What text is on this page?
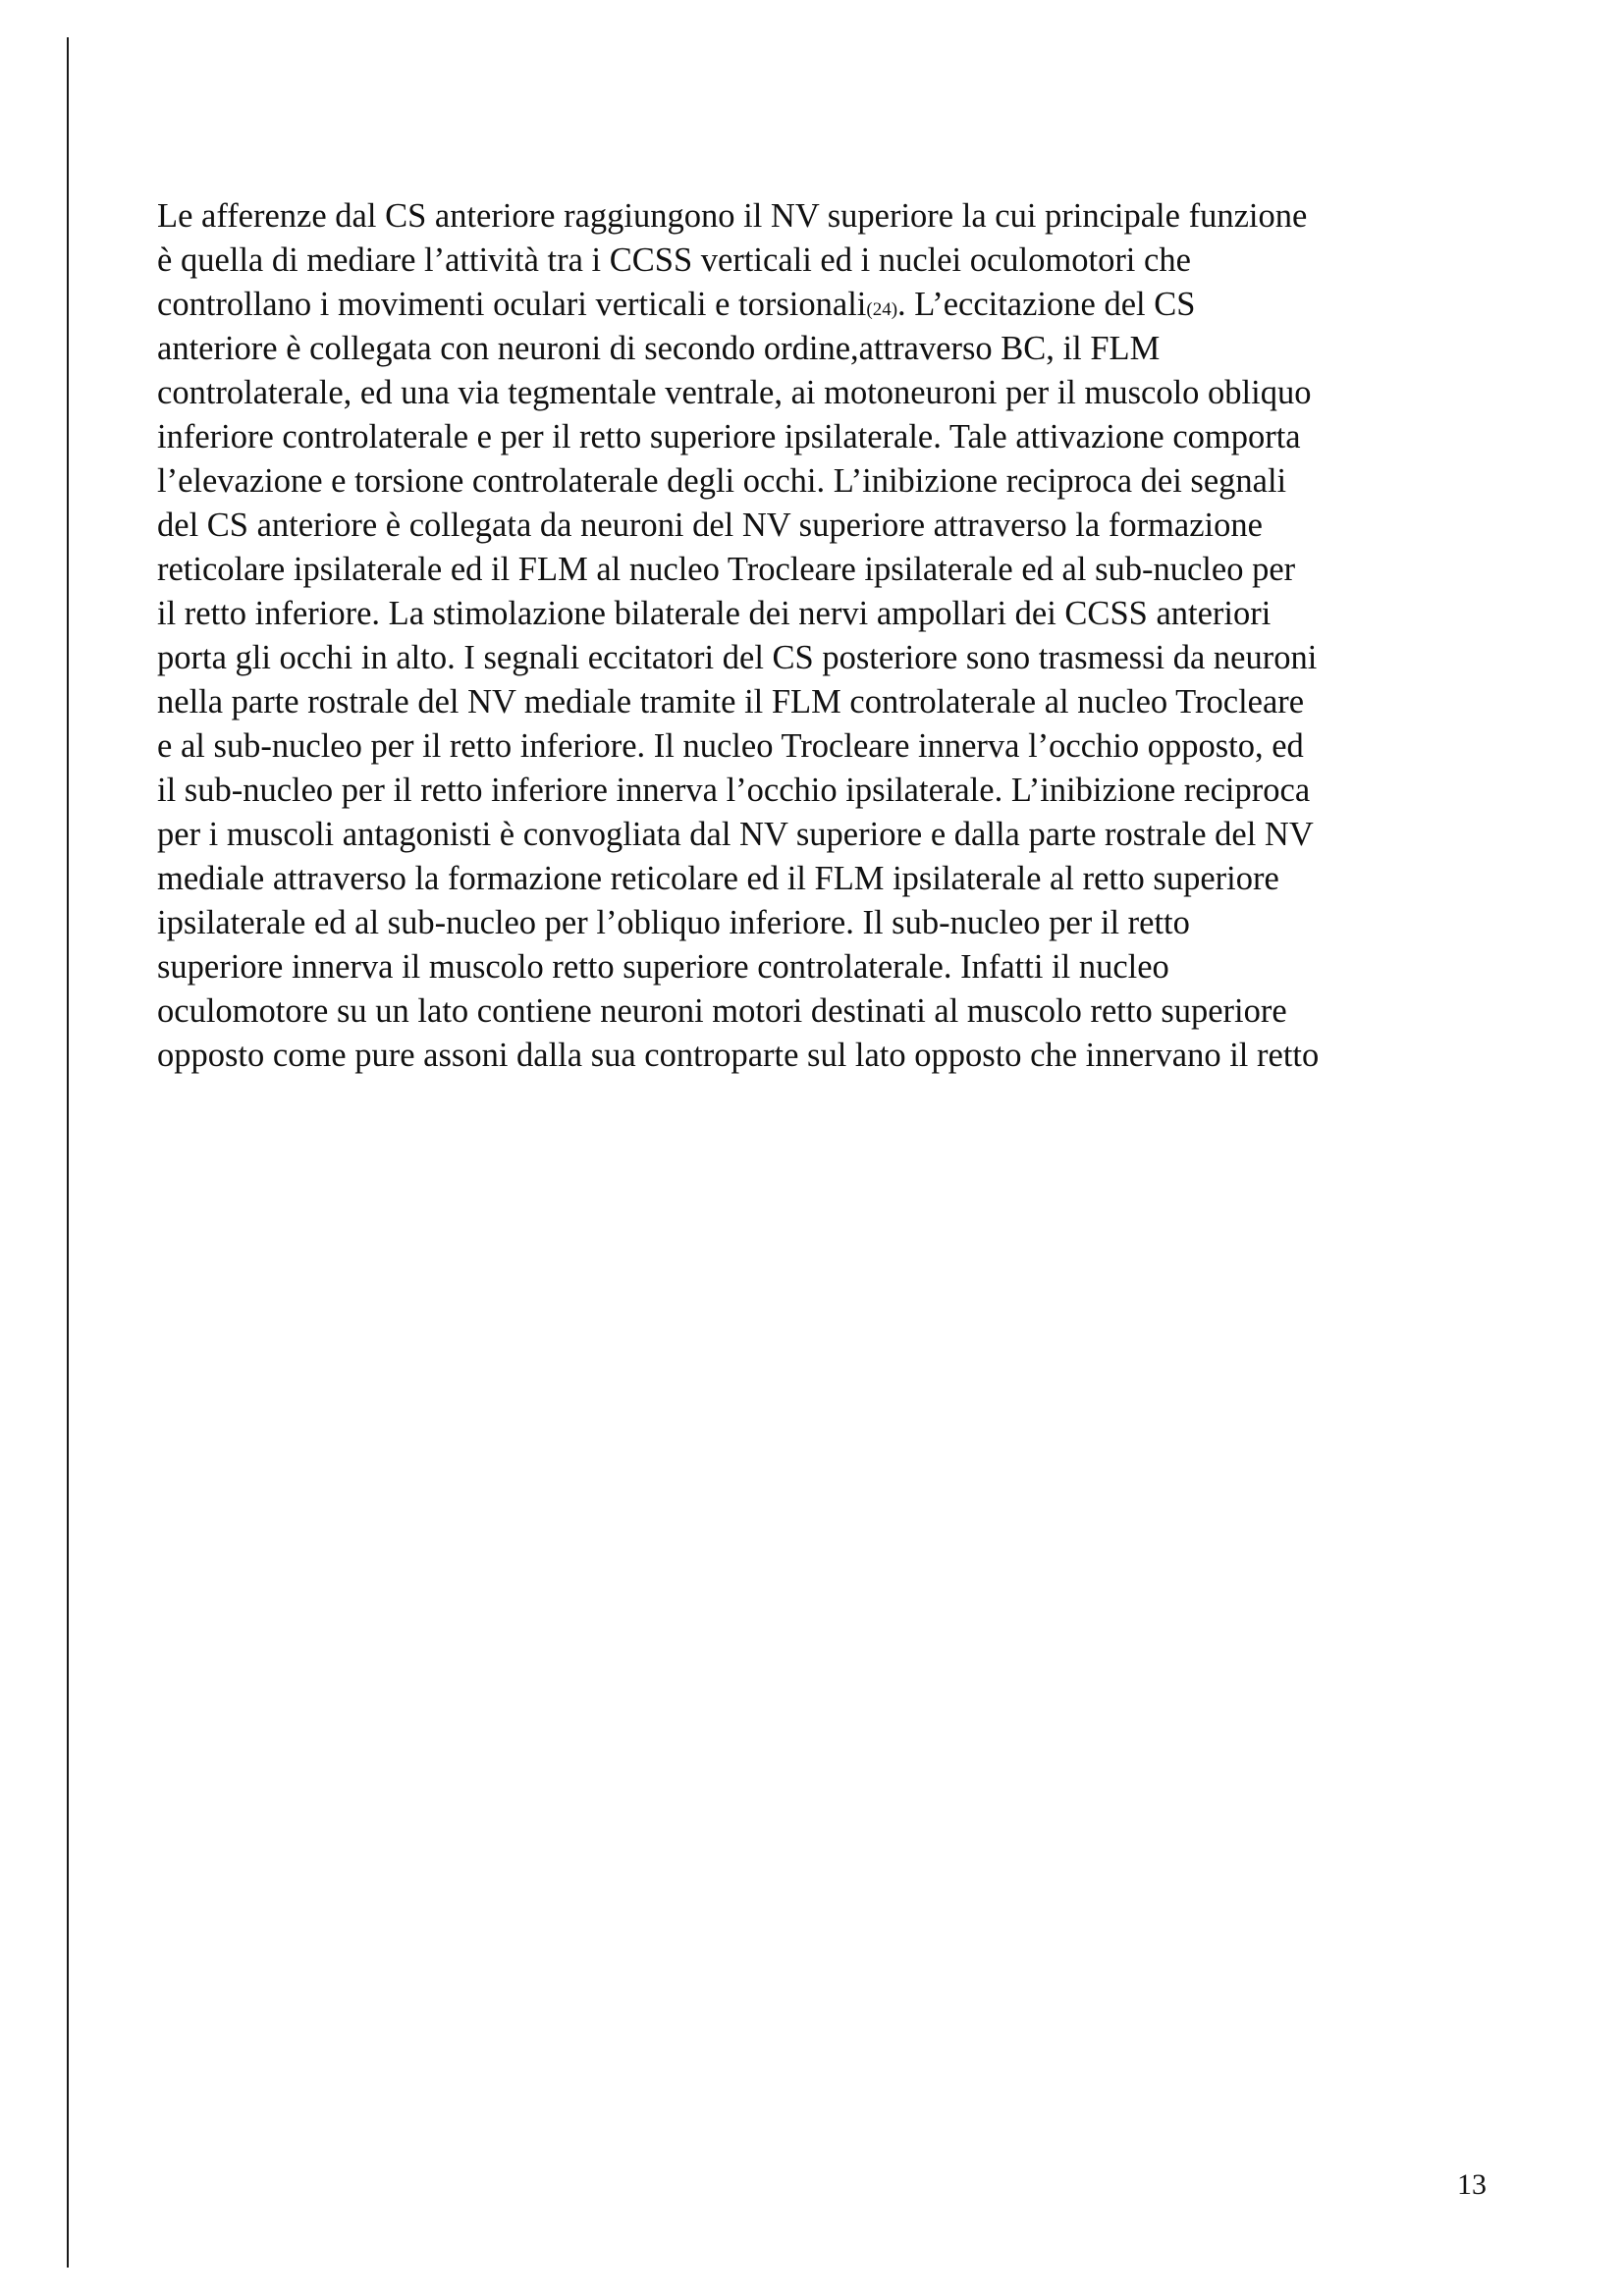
Le afferenze dal CS anteriore raggiungono il NV superiore la cui principale funzione
è quella di mediare l’attività tra i CCSS verticali ed i nuclei oculomotori che
controllano i movimenti oculari verticali e torsionali(24). L’eccitazione del CS
anteriore è collegata con neuroni di secondo ordine,attraverso BC, il FLM
controlaterale, ed una via tegmentale ventrale, ai motoneuroni per il muscolo obliquo
inferiore controlaterale e per il retto superiore ipsilaterale. Tale attivazione comporta
l’elevazione e torsione controlaterale degli occhi. L’inibizione reciproca dei segnali
del CS anteriore è collegata da neuroni del NV superiore attraverso la formazione
reticolare ipsilaterale ed il FLM al nucleo Trocleare ipsilaterale ed al sub-nucleo per
il retto inferiore. La stimolazione bilaterale dei nervi ampollari dei CCSS anteriori
porta gli occhi in alto. I segnali eccitatori del CS posteriore sono trasmessi da neuroni
nella parte rostrale del NV mediale tramite il FLM controlaterale al nucleo Trocleare
e al sub-nucleo per il retto inferiore. Il nucleo Trocleare innerva l’occhio opposto, ed
il sub-nucleo per il retto inferiore innerva l’occhio ipsilaterale. L’inibizione reciproca
per i muscoli antagonisti è convogliata dal NV superiore e dalla parte rostrale del NV
mediale attraverso la formazione reticolare ed il FLM ipsilaterale al retto superiore
ipsilaterale ed al sub-nucleo per l’obliquo inferiore. Il sub-nucleo per il retto
superiore innerva il muscolo retto superiore controlaterale. Infatti il nucleo
oculomotore su un lato contiene neuroni motori destinati al muscolo retto superiore
opposto come pure assoni dalla sua controparte sul lato opposto che innervano il retto
13
